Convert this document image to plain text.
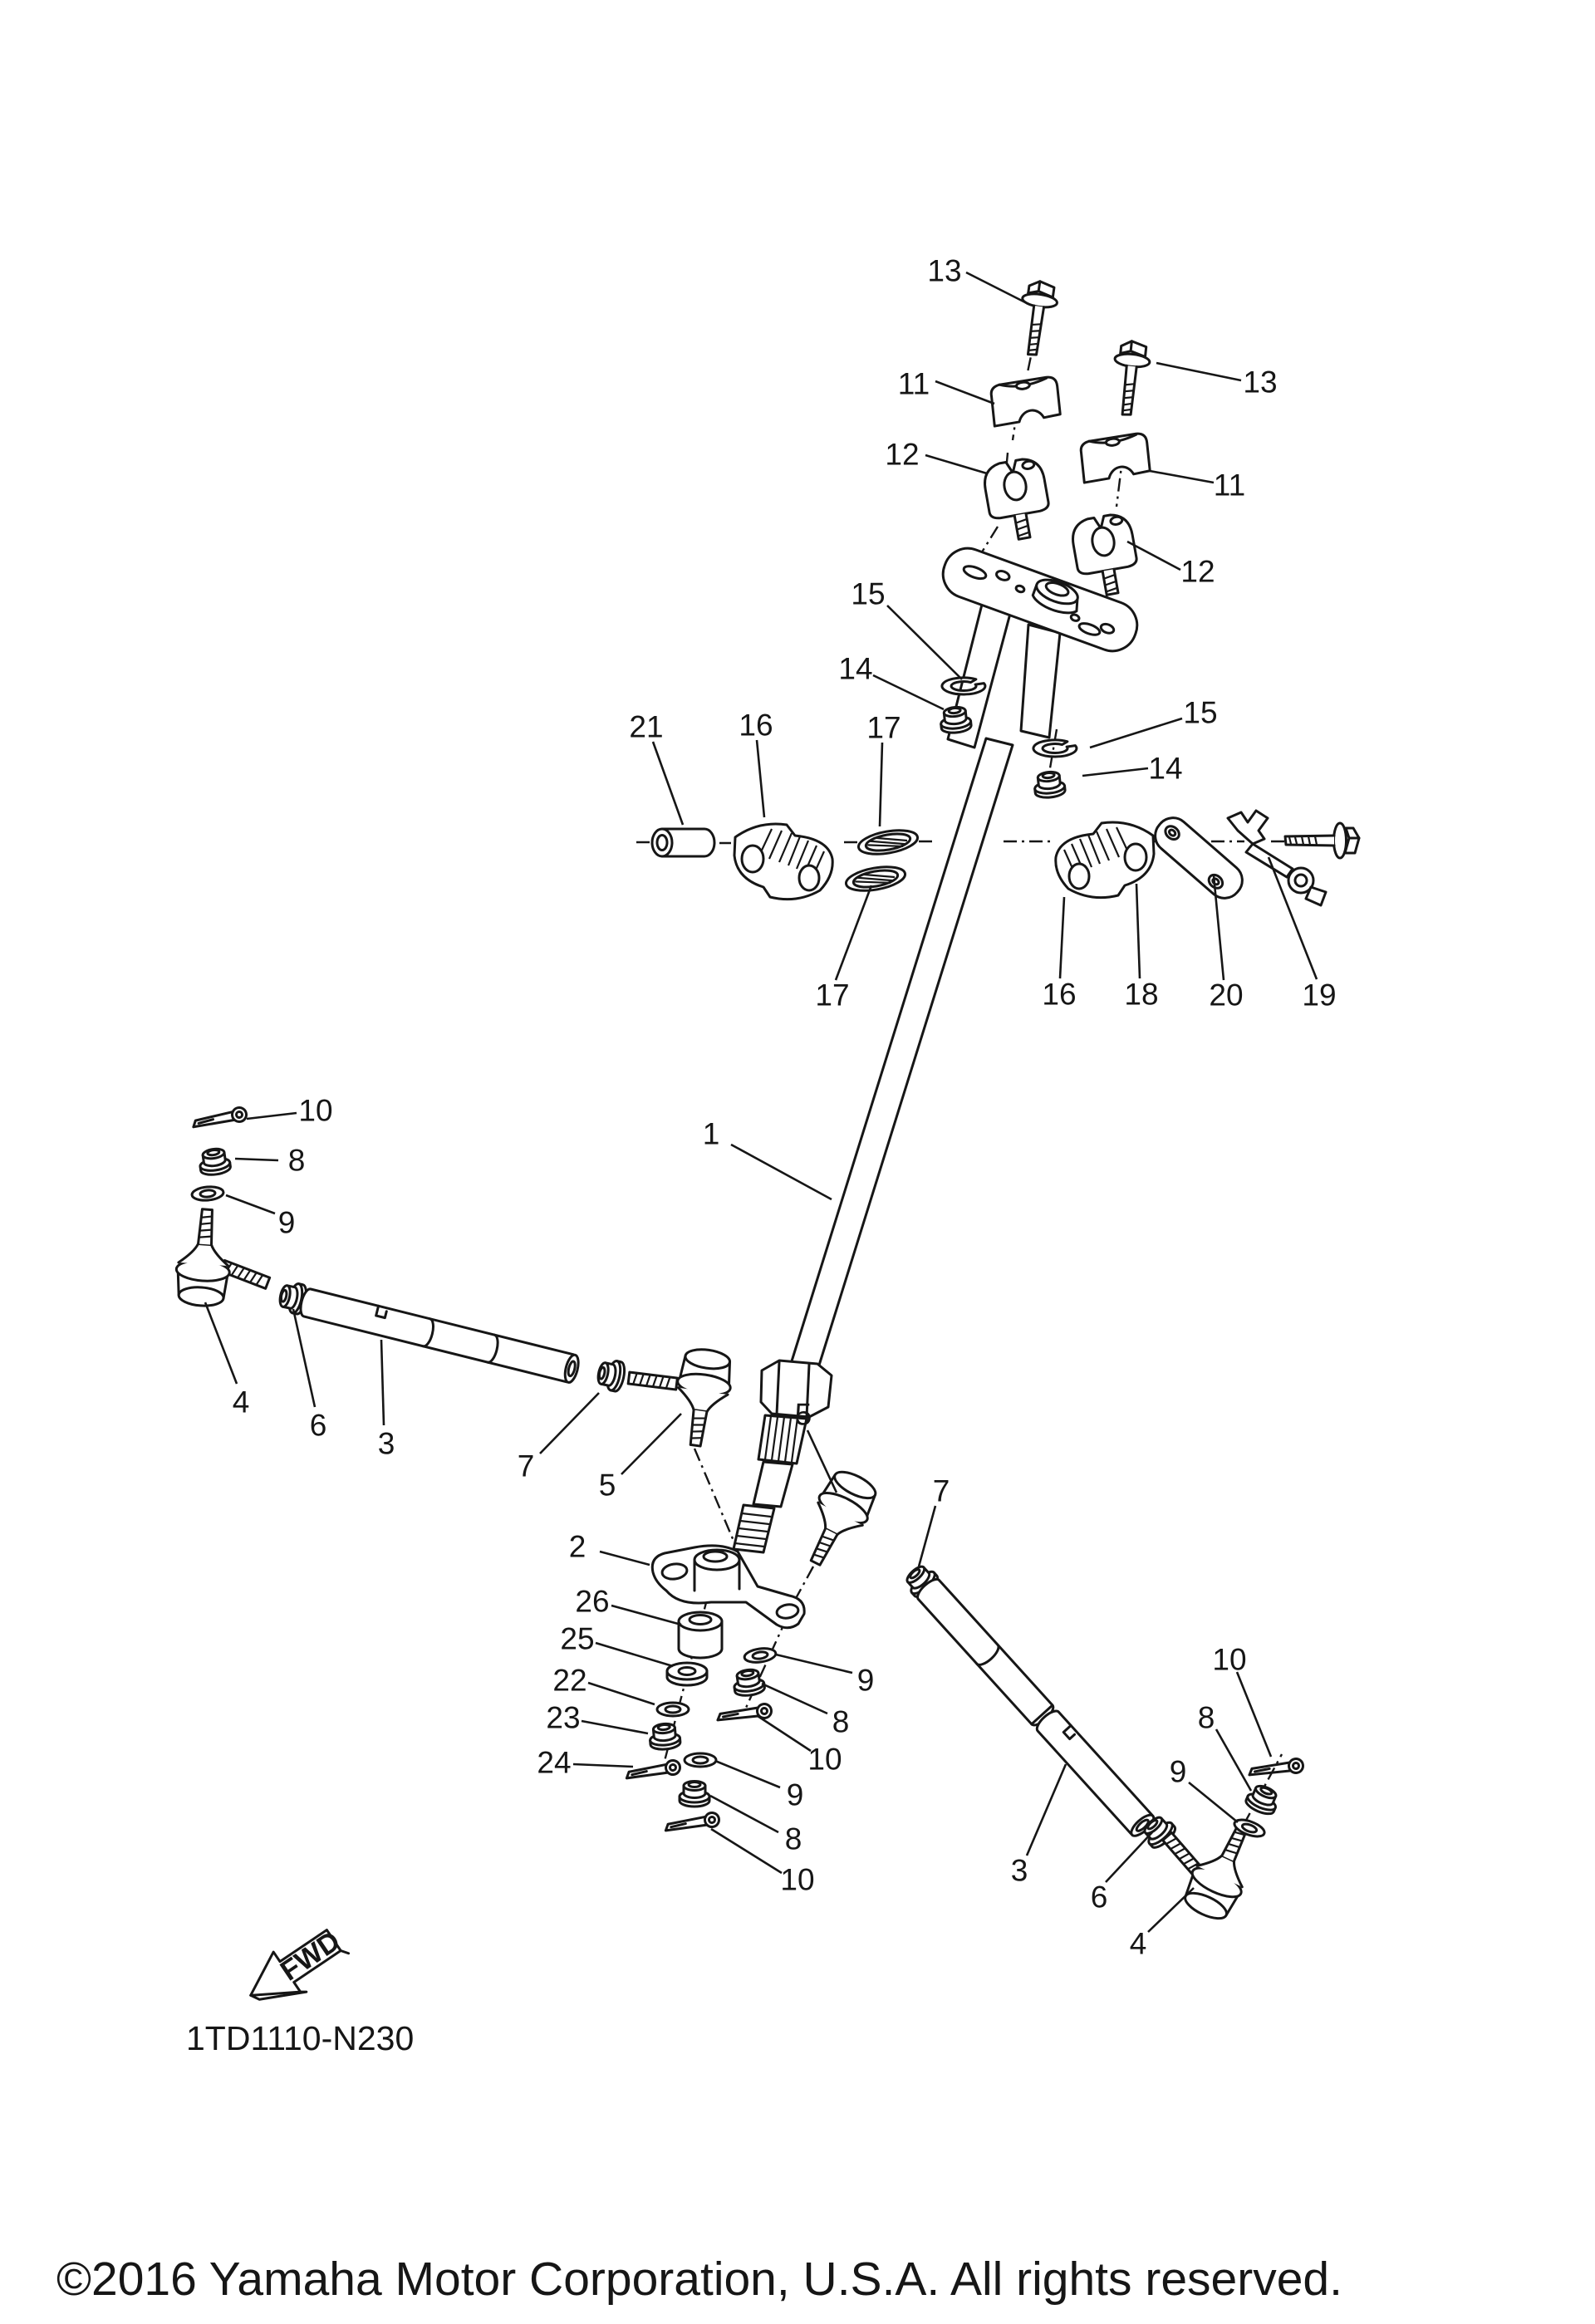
FWD
1TD1110-N230
©2016 Yamaha Motor Corporation, U.S.A. All rights reserved.
13
13
11
11
12
12
15
14
15
14
21 16	17
17	16 18 20 19
1
10
8
9
4
6
3
7
5
5
7
2
26
25
22
23
24
9
8
10
9
8
10
9
8
10
3
6
4
